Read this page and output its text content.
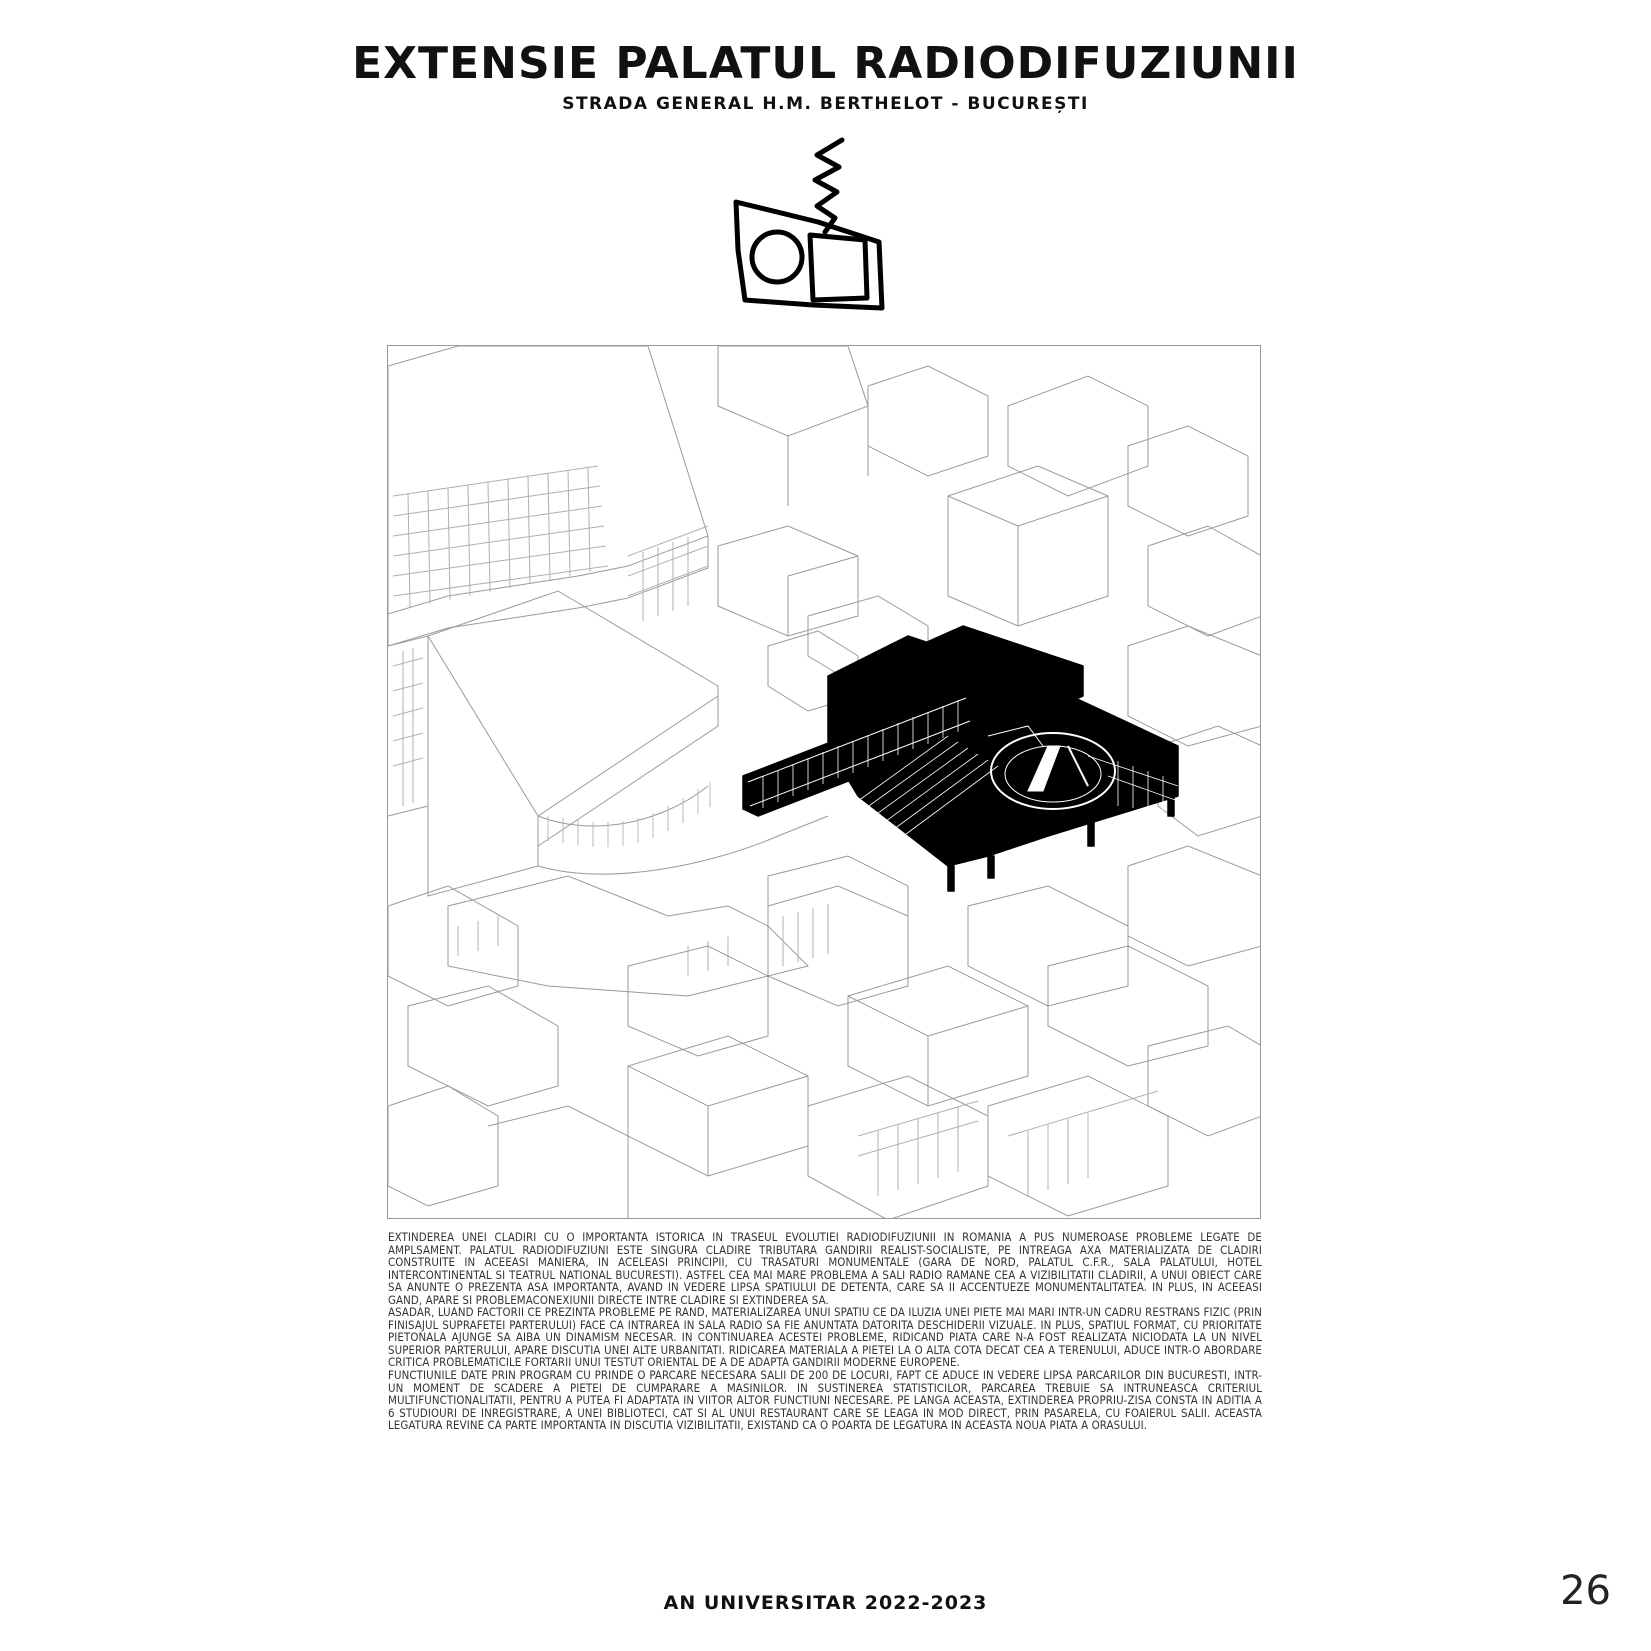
EXTENSIE PALATUL RADIODIFUZIUNII
STRADA GENERAL H.M. BERTHELOT - BUCUREȘTI

EXTINDEREA UNEI CLADIRI CU O IMPORTANTA ISTORICA IN TRASEUL EVOLUTIEI RADIODIFUZIUNII IN ROMANIA A PUS NUMEROASE PROBLEME LEGATE DE AMPLSAMENT. PALATUL RADIODIFUZIUNI ESTE SINGURA CLADIRE TRIBUTARA GANDIRII REALIST-SOCIALISTE, PE INTREAGA AXA MATERIALIZATA DE CLADIRI CONSTRUITE IN ACEEASI MANIERA, IN ACELEASI PRINCIPII, CU TRASATURI MONUMENTALE (GARA DE NORD, PALATUL C.F.R., SALA PALATULUI, HOTEL INTERCONTINENTAL SI TEATRUL NATIONAL BUCURESTI). ASTFEL CEA MAI MARE PROBLEMA A SALI RADIO RAMANE CEA A VIZIBILITATII CLADIRII, A UNUI OBIECT CARE SA ANUNTE O PREZENTA ASA IMPORTANTA, AVAND IN VEDERE LIPSA SPATIULUI DE DETENTA, CARE SA II ACCENTUEZE MONUMENTALITATEA. IN PLUS, IN ACEEASI GAND, APARE SI PROBLEMACONEXIUNII DIRECTE INTRE CLADIRE SI EXTINDEREA SA.

ASADAR, LUAND FACTORII CE PREZINTA PROBLEME PE RAND, MATERIALIZAREA UNUI SPATIU CE DA ILUZIA UNEI PIETE MAI MARI INTR-UN CADRU RESTRANS FIZIC (PRIN FINISAJUL SUPRAFETEI PARTERULUI) FACE CA INTRAREA IN SALA RADIO SA FIE ANUNTATA DATORITA DESCHIDERII VIZUALE. IN PLUS, SPATIUL FORMAT, CU PRIORITATE PIETONALA AJUNGE SA AIBA UN DINAMISM NECESAR. IN CONTINUAREA ACESTEI PROBLEME, RIDICAND PIATA CARE N-A FOST REALIZATA NICIODATA LA UN NIVEL SUPERIOR PARTERULUI, APARE DISCUTIA UNEI ALTE URBANITATI. RIDICAREA MATERIALA A PIETEI LA O ALTA COTA DECAT CEA A TERENULUI, ADUCE INTR-O ABORDARE CRITICA PROBLEMATICILE FORTARII UNUI TESTUT ORIENTAL DE A DE ADAPTA GANDIRII MODERNE EUROPENE.

FUNCTIUNILE DATE PRIN PROGRAM CU PRINDE O PARCARE NECESARA SALII DE 200 DE LOCURI, FAPT CE ADUCE IN VEDERE LIPSA PARCARILOR DIN BUCURESTI, INTR-UN MOMENT DE SCADERE A PIETEI DE CUMPARARE A MASINILOR. IN SUSTINEREA STATISTICILOR, PARCAREA TREBUIE SA INTRUNEASCA CRITERIUL MULTIFUNCTIONALITATII, PENTRU A PUTEA FI ADAPTATA IN VIITOR ALTOR FUNCTIUNI NECESARE. PE LANGA ACEASTA, EXTINDEREA PROPRIU-ZISA CONSTA IN ADITIA A 6 STUDIOURI DE INREGISTRARE, A UNEI BIBLIOTECI, CAT SI AL UNUI RESTAURANT CARE SE LEAGA IN MOD DIRECT, PRIN PASARELA, CU FOAIERUL SALII. ACEASTA LEGATURA REVINE CA PARTE IMPORTANTA IN DISCUTIA VIZIBILITATII, EXISTAND CA O POARTA DE LEGATURA IN ACEASTA NOUA PIATA A ORASULUI.

AN UNIVERSITAR 2022-2023	26
